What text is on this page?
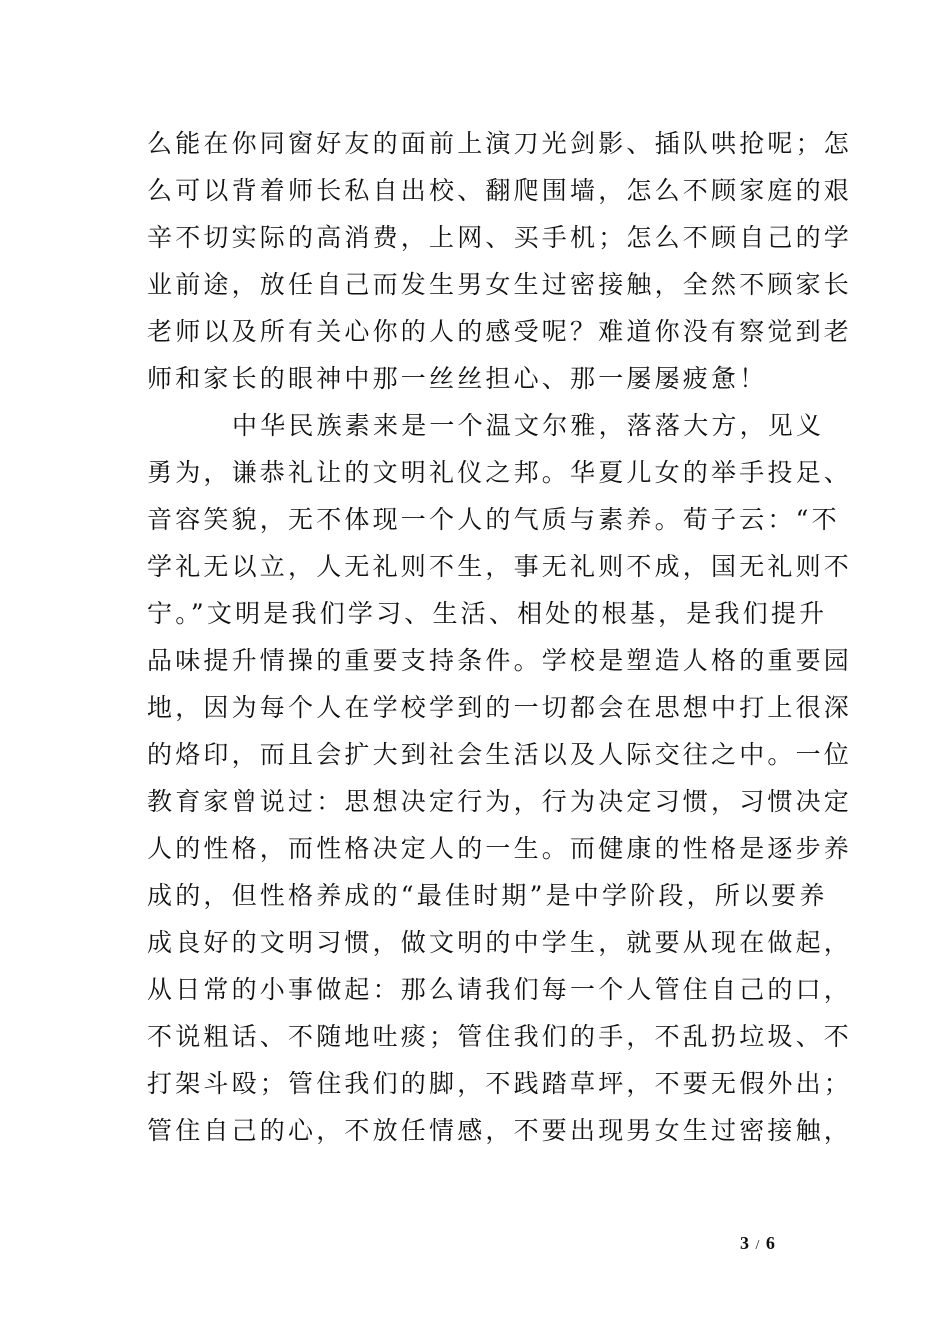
么能在你同窗好友的面前上演刀光剑影、插队哄抢呢；怎
么可以背着师长私自出校、翻爬围墙，怎么不顾家庭的艰
辛不切实际的高消费，上网、买手机；怎么不顾自己的学
业前途，放任自己而发生男女生过密接触，全然不顾家长
老师以及所有关心你的人的感受呢？难道你没有察觉到老
师和家长的眼神中那一丝丝担心、那一屡屡疲惫！
中华民族素来是一个温文尔雅，落落大方，见义
勇为，谦恭礼让的文明礼仪之邦。华夏儿女的举手投足、
音容笑貌，无不体现一个人的气质与素养。荀子云：“不
学礼无以立，人无礼则不生，事无礼则不成，国无礼则不
宁。”文明是我们学习、生活、相处的根基，是我们提升
品味提升情操的重要支持条件。学校是塑造人格的重要园
地，因为每个人在学校学到的一切都会在思想中打上很深
的烙印，而且会扩大到社会生活以及人际交往之中。一位
教育家曾说过：思想决定行为，行为决定习惯，习惯决定
人的性格，而性格决定人的一生。而健康的性格是逐步养
成的，但性格养成的“最佳时期”是中学阶段，所以要养
成良好的文明习惯，做文明的中学生，就要从现在做起，
从日常的小事做起：那么请我们每一个人管住自己的口，
不说粗话、不随地吐痰；管住我们的手，不乱扔垃圾、不
打架斗殴；管住我们的脚，不践踏草坪，不要无假外出；
管住自己的心，不放任情感，不要出现男女生过密接触，
3 / 6
